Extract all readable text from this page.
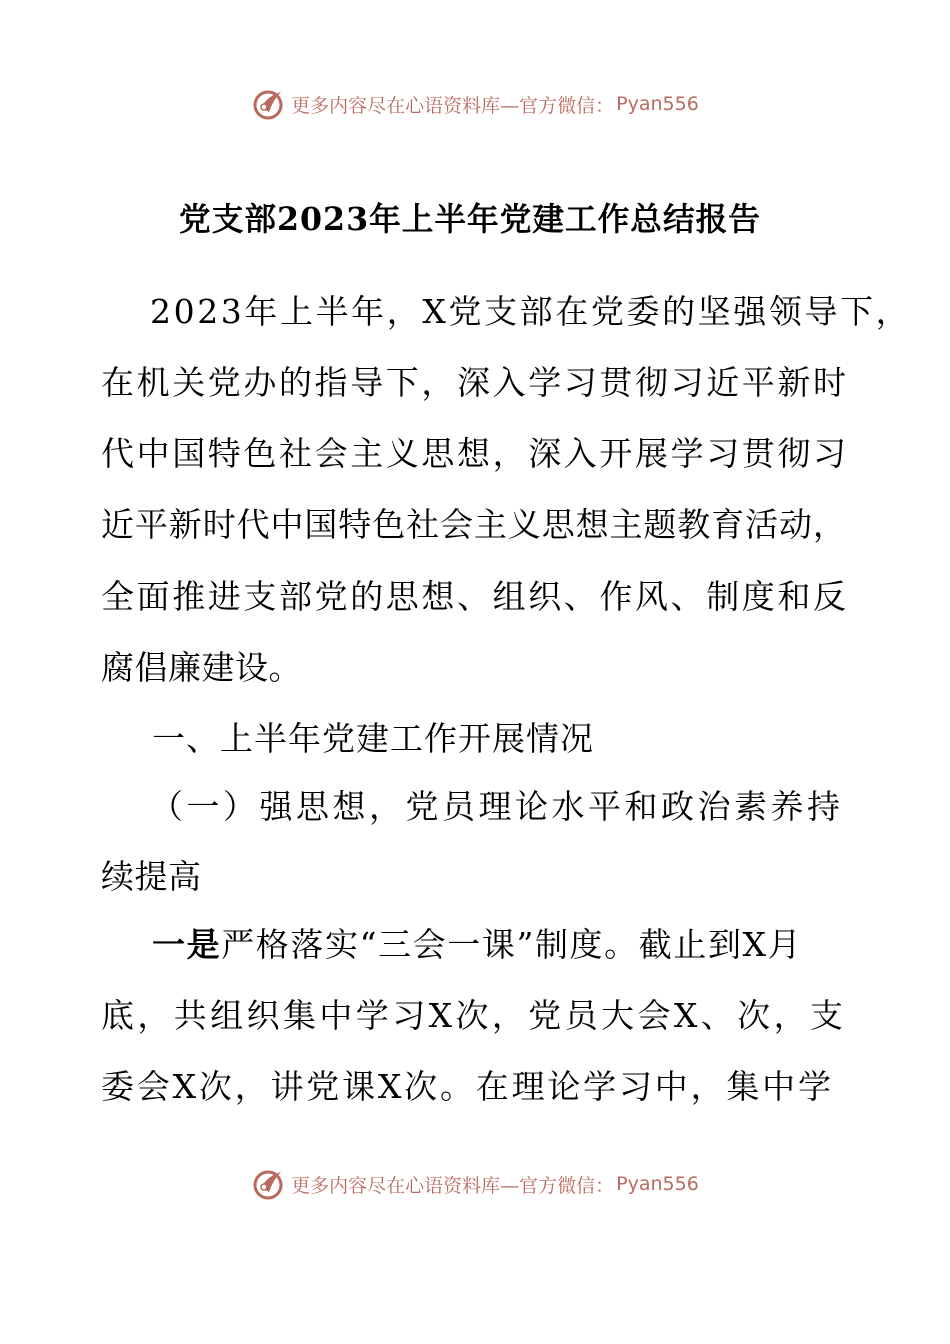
更多内容尽在心语资料库—官方微信： Pyan556
党支部2023年上半年党建工作总结报告
2023年上半年，X党支部在党委的坚强领导下，
在机关党办的指导下，深入学习贯彻习近平新时
代中国特色社会主义思想，深入开展学习贯彻习
近平新时代中国特色社会主义思想主题教育活动，
全面推进支部党的思想、组织、作风、制度和反
腐倡廉建设。
一、上半年党建工作开展情况
（一）强思想，党员理论水平和政治素养持
续提高
一是严格落实“三会一课”制度。截止到X月
底，共组织集中学习X次，党员大会X、次，支
委会X次，讲党课X次。在理论学习中，集中学
更多内容尽在心语资料库—官方微信： Pyan556
